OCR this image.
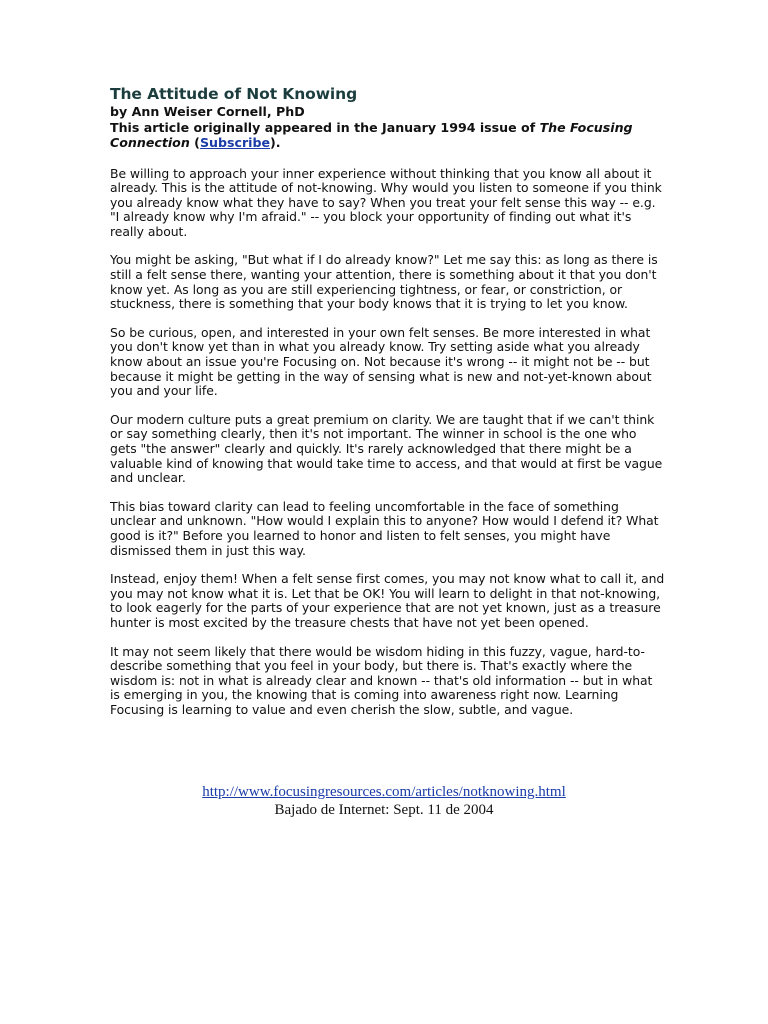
The Attitude of Not Knowing

by Ann Weiser Cornell, PhD

This article originally appeared in the January 1994 issue of The Focusing Connection (Subscribe).

Be willing to approach your inner experience without thinking that you know all about it already. This is the attitude of not-knowing. Why would you listen to someone if you think you already know what they have to say? When you treat your felt sense this way -- e.g. "I already know why I'm afraid." -- you block your opportunity of finding out what it's really about.

You might be asking, "But what if I do already know?" Let me say this: as long as there is still a felt sense there, wanting your attention, there is something about it that you don't know yet. As long as you are still experiencing tightness, or fear, or constriction, or stuckness, there is something that your body knows that it is trying to let you know.

So be curious, open, and interested in your own felt senses. Be more interested in what you don't know yet than in what you already know. Try setting aside what you already know about an issue you're Focusing on. Not because it's wrong -- it might not be -- but because it might be getting in the way of sensing what is new and not-yet-known about you and your life.

Our modern culture puts a great premium on clarity. We are taught that if we can't think or say something clearly, then it's not important. The winner in school is the one who gets "the answer" clearly and quickly. It's rarely acknowledged that there might be a valuable kind of knowing that would take time to access, and that would at first be vague and unclear.

This bias toward clarity can lead to feeling uncomfortable in the face of something unclear and unknown. "How would I explain this to anyone? How would I defend it? What good is it?" Before you learned to honor and listen to felt senses, you might have dismissed them in just this way.

Instead, enjoy them! When a felt sense first comes, you may not know what to call it, and you may not know what it is. Let that be OK! You will learn to delight in that not-knowing, to look eagerly for the parts of your experience that are not yet known, just as a treasure hunter is most excited by the treasure chests that have not yet been opened.

It may not seem likely that there would be wisdom hiding in this fuzzy, vague, hard-to-describe something that you feel in your body, but there is. That's exactly where the wisdom is: not in what is already clear and known -- that's old information -- but in what is emerging in you, the knowing that is coming into awareness right now. Learning Focusing is learning to value and even cherish the slow, subtle, and vague.

http://www.focusingresources.com/articles/notknowing.html
Bajado de Internet: Sept. 11 de 2004
